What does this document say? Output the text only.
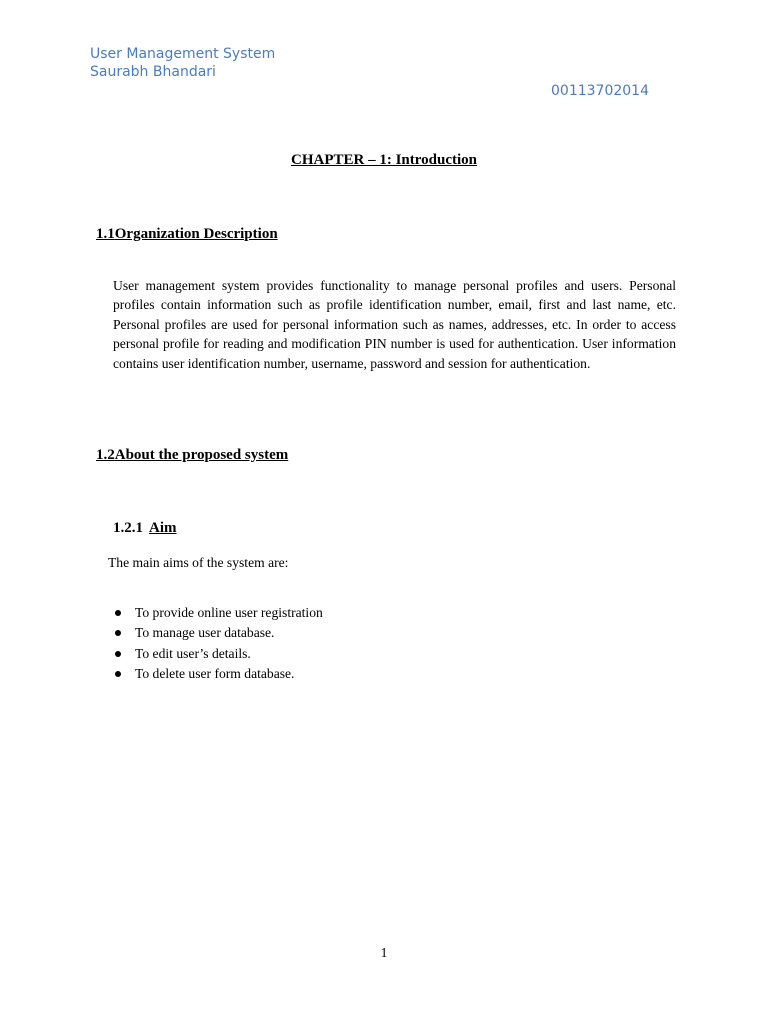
User Management System
Saurabh Bhandari
00113702014
CHAPTER – 1: Introduction
1.1Organization Description
User management system provides functionality to manage personal profiles and users. Personal profiles contain information such as profile identification number, email, first and last name, etc. Personal profiles are used for personal information such as names, addresses, etc. In order to access personal profile for reading and modification PIN number is used for authentication. User information contains user identification number, username, password and session for authentication.
1.2About the proposed system
1.2.1 Aim
The main aims of the system are:
To provide online user registration
To manage user database.
To edit user’s details.
To delete user form database.
1
